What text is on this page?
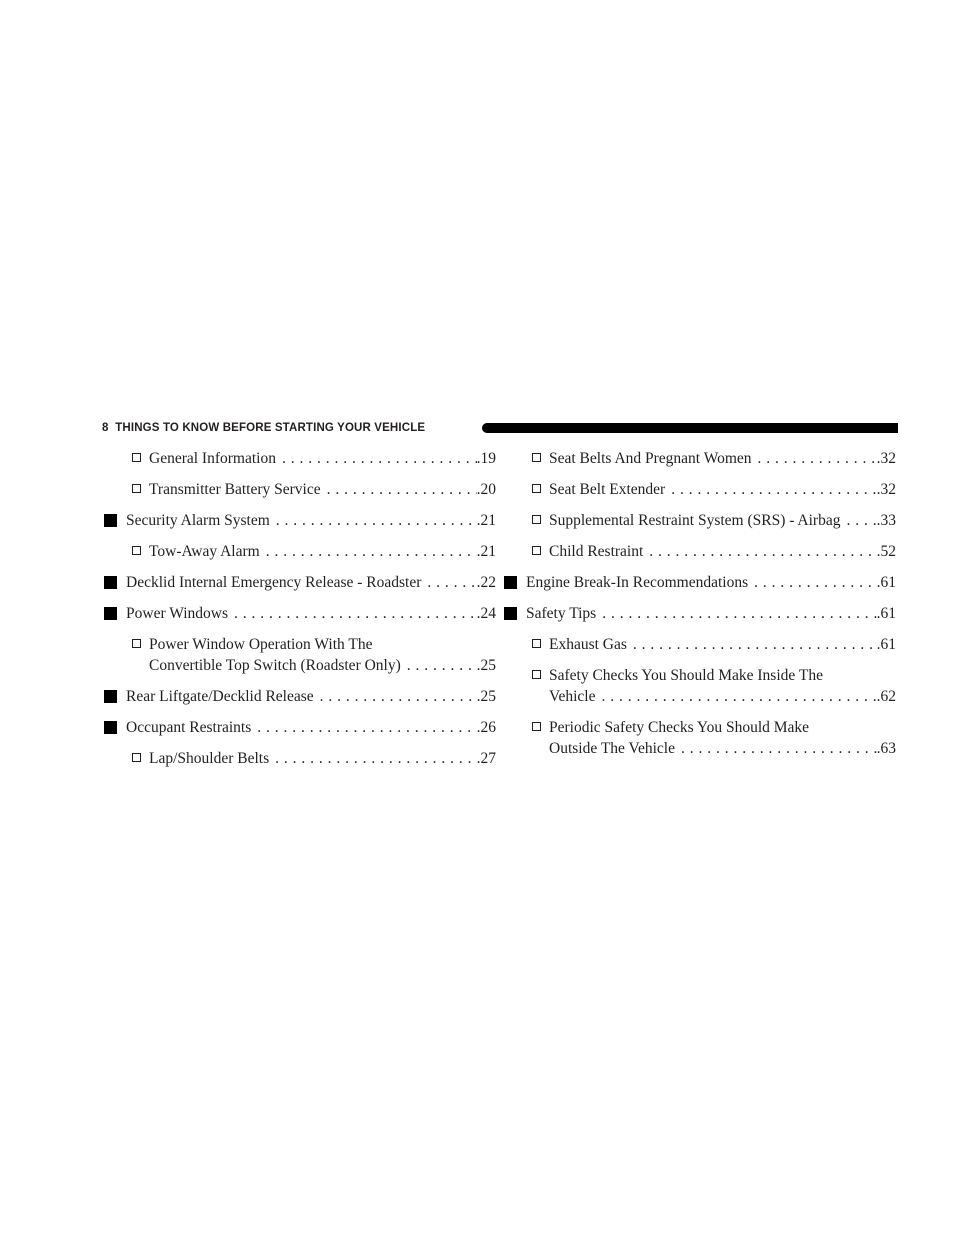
8 THINGS TO KNOW BEFORE STARTING YOUR VEHICLE
General Information . . .	.19
Transmitter Battery Service . . .	.20
Security Alarm System . . .	.21
Tow-Away Alarm . . .	.21
Decklid Internal Emergency Release - Roadster . . .	.22
Power Windows . . .	.24
Power Window Operation With The
Convertible Top Switch (Roadster Only) . . .	.25
Rear Liftgate/Decklid Release . . .	.25
Occupant Restraints . . .	.26
Lap/Shoulder Belts . . .	.27
Seat Belts And Pregnant Women . . .	.32
Seat Belt Extender . . .	.32
Supplemental Restraint System (SRS) - Airbag . . . .33
Child Restraint . . .	.52
Engine Break-In Recommendations . . .	.61
Safety Tips . . .	.61
Exhaust Gas . . .	.61
Safety Checks You Should Make Inside The
Vehicle . . .	.62
Periodic Safety Checks You Should Make
Outside The Vehicle . . .	.63
